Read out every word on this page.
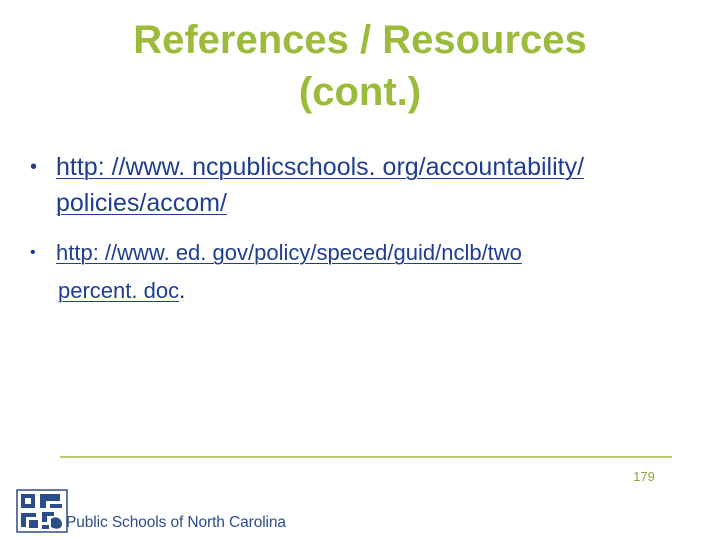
References / Resources
(cont.)
• http: //www. ncpublicschools. org/accountability/
policies/accom/
• http: //www. ed. gov/policy/speced/guid/nclb/two
percent. doc.
179
Public Schools of North Carolina
